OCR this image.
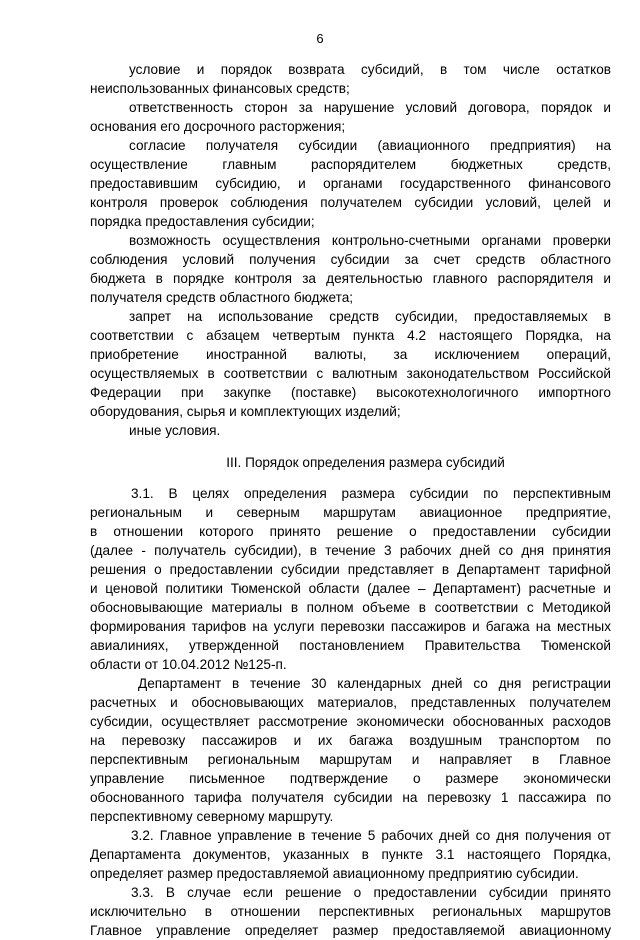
6
условие и порядок возврата субсидий, в том числе остатков
неиспользованных финансовых средств;
ответственность сторон за нарушение условий договора, порядок и
основания его досрочного расторжения;
согласие получателя субсидии (авиационного предприятия) на
осуществление главным распорядителем бюджетных средств,
предоставившим субсидию, и органами государственного финансового
контроля проверок соблюдения получателем субсидии условий, целей и
порядка предоставления субсидии;
возможность осуществления контрольно-счетными органами проверки
соблюдения условий получения субсидии за счет средств областного
бюджета в порядке контроля за деятельностью главного распорядителя и
получателя средств областного бюджета;
запрет на использование средств субсидии, предоставляемых в
соответствии с абзацем четвертым пункта 4.2 настоящего Порядка, на
приобретение иностранной валюты, за исключением операций,
осуществляемых в соответствии с валютным законодательством Российской
Федерации при закупке (поставке) высокотехнологичного импортного
оборудования, сырья и комплектующих изделий;
иные условия.
III. Порядок определения размера субсидий
3.1. В целях определения размера субсидии по перспективным
региональным и северным маршрутам авиационное предприятие,
в отношении которого принято решение о предоставлении субсидии
(далее - получатель субсидии), в течение 3 рабочих дней со дня принятия
решения о предоставлении субсидии представляет в Департамент тарифной
и ценовой политики Тюменской области (далее – Департамент) расчетные и
обосновывающие материалы в полном объеме в соответствии с Методикой
формирования тарифов на услуги перевозки пассажиров и багажа на местных
авиалиниях, утвержденной постановлением Правительства Тюменской
области от 10.04.2012 №125-п.
Департамент в течение 30 календарных дней со дня регистрации
расчетных и обосновывающих материалов, представленных получателем
субсидии, осуществляет рассмотрение экономически обоснованных расходов
на перевозку пассажиров и их багажа воздушным транспортом по
перспективным региональным маршрутам и направляет в Главное
управление письменное подтверждение о размере экономически
обоснованного тарифа получателя субсидии на перевозку 1 пассажира по
перспективному северному маршруту.
3.2. Главное управление в течение 5 рабочих дней со дня получения от
Департамента документов, указанных в пункте 3.1 настоящего Порядка,
определяет размер предоставляемой авиационному предприятию субсидии.
3.3. В случае если решение о предоставлении субсидии принято
исключительно в отношении перспективных региональных маршрутов
Главное управление определяет размер предоставляемой авиационному
